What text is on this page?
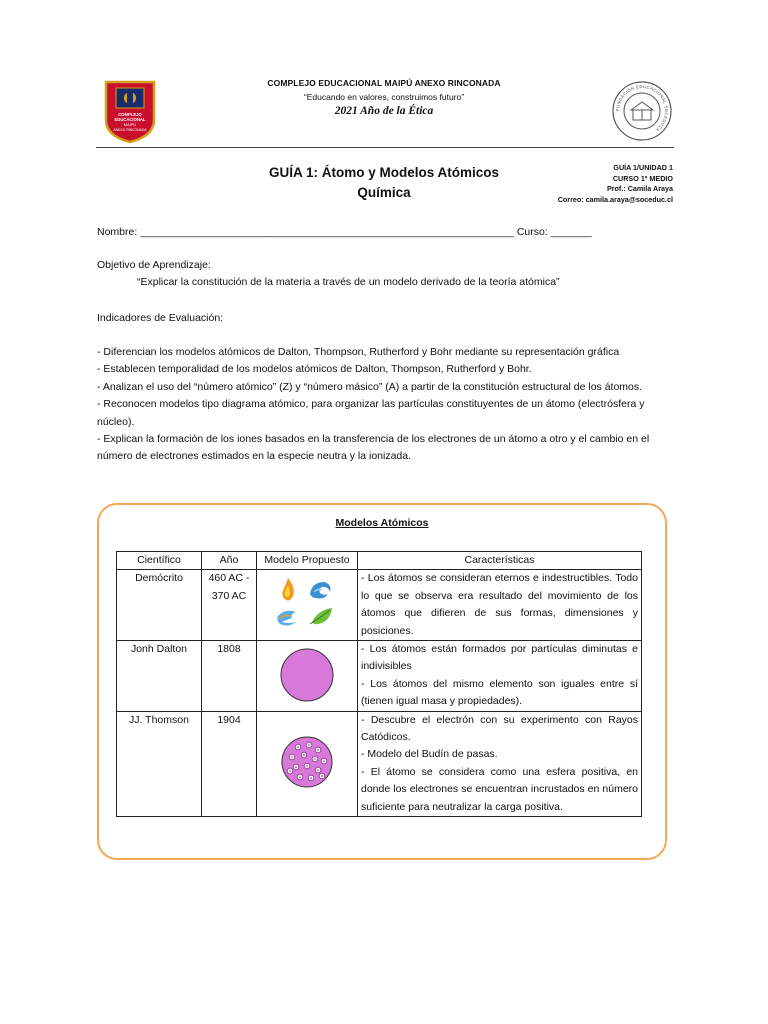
COMPLEJO
EDUCACIONAL
MAIPÚ
ANEXO RINCONADA
COMPLEJO EDUCACIONAL MAIPÚ ANEXO RINCONADA
“Educando en valores, construimos futuro”
2021 Año de la Ética	FUNDACIÓN EDUCACIONAL SOCEDUCA
GUÍA 1: Átomo y Modelos Atómicos
Química
GUÍA 1/UNIDAD 1
CURSO 1º MEDIO
Prof.: Camila Araya
Correo: camila.araya@soceduc.cl
Nombre: ________________________________________________________________ Curso: _______
Objetivo de Aprendizaje:
“Explicar la constitución de la materia a través de un modelo derivado de la teoría atómica”
Indicadores de Evaluación:
- Diferencian los modelos atómicos de Dalton, Thompson, Rutherford y Bohr mediante su representación gráfica
- Establecen temporalidad de los modelos atómicos de Dalton, Thompson, Rutherford y Bohr.
- Analizan el uso del “número atómico” (Z) y “número másico” (A) a partir de la constitución estructural de los átomos.
- Reconocen modelos tipo diagrama atómico, para organizar las partículas constituyentes de un átomo (electrósfera y núcleo).
- Explican la formación de los iones basados en la transferencia de los electrones de un átomo a otro y el cambio en el número de electrones estimados en la especie neutra y la ionizada.
Modelos Atómicos
Científico	Año	Modelo Propuesto	Características
Demócrito	460 AC - 370 AC		- Los átomos se consideran eternos e indestructibles. Todo lo que se observa era resultado del movimiento de los átomos que difieren de sus formas, dimensiones y posiciones.

Jonh Dalton	1808		- Los átomos están formados por partículas diminutas e indivisibles
- Los átomos del mismo elemento son iguales entre sí (tienen igual masa y propiedades).

JJ. Thomson	1904		- Descubre el electrón con su experimento con Rayos Catódicos.
- Modelo del Budín de pasas.
- El átomo se considera como una esfera positiva, en donde los electrones se encuentran incrustados en número suficiente para neutralizar la carga positiva.
